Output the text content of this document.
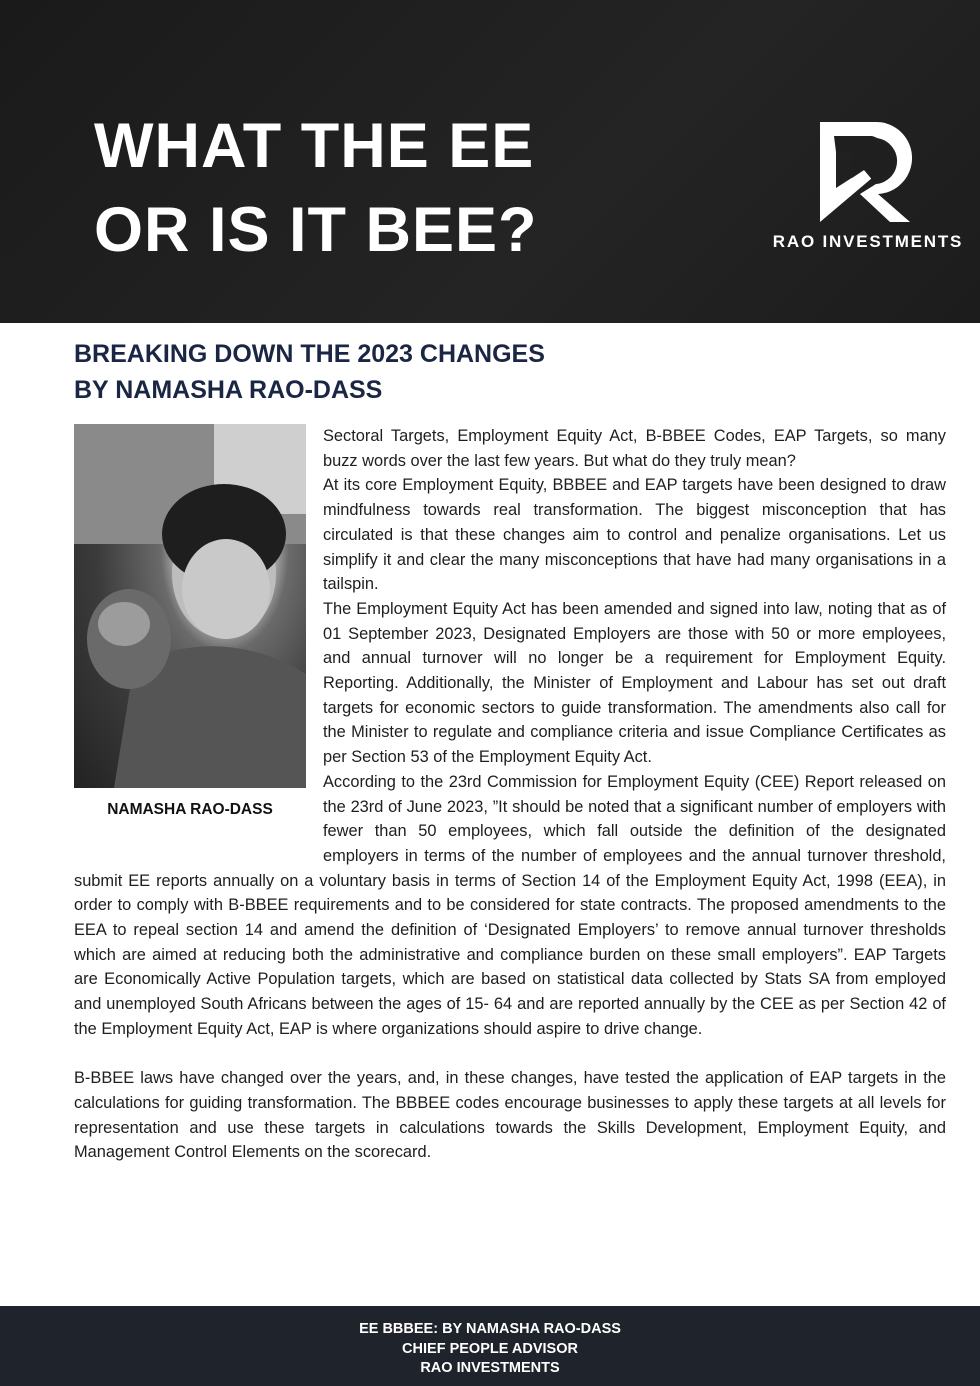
WHAT THE EE
OR IS IT BEE?	RAO INVESTMENTS
BREAKING DOWN THE 2023 CHANGES
BY NAMASHA RAO-DASS
NAMASHA RAO-DASS

Sectoral Targets, Employment Equity Act, B-BBEE Codes, EAP Targets, so many buzz words over the last few years. But what do they truly mean?

At its core Employment Equity, BBBEE and EAP targets have been designed to draw mindfulness towards real transformation. The biggest misconception that has circulated is that these changes aim to control and penalize organisations. Let us simplify it and clear the many misconceptions that have had many organisations in a tailspin.

The Employment Equity Act has been amended and signed into law, noting that as of 01 September 2023, Designated Employers are those with 50 or more employees, and annual turnover will no longer be a requirement for Employment Equity. Reporting. Additionally, the Minister of Employment and Labour has set out draft targets for economic sectors to guide transformation. The amendments also call for the Minister to regulate and compliance criteria and issue Compliance Certificates as per Section 53 of the Employment Equity Act.

According to the 23rd Commission for Employment Equity (CEE) Report released on the 23rd of June 2023, ”It should be noted that a significant number of employers with fewer than 50 employees, which fall outside the definition of the designated employers in terms of the number of employees and the annual turnover threshold, submit EE reports annually on a voluntary basis in terms of Section 14 of the Employment Equity Act, 1998 (EEA), in order to comply with B-BBEE requirements and to be considered for state contracts. The proposed amendments to the EEA to repeal section 14 and amend the definition of ‘Designated Employers’ to remove annual turnover thresholds which are aimed at reducing both the administrative and compliance burden on these small employers”. EAP Targets are Economically Active Population targets, which are based on statistical data collected by Stats SA from employed and unemployed South Africans between the ages of 15- 64 and are reported annually by the CEE as per Section 42 of the Employment Equity Act, EAP is where organizations should aspire to drive change.

B-BBEE laws have changed over the years, and, in these changes, have tested the application of EAP targets in the calculations for guiding transformation. The BBBEE codes encourage businesses to apply these targets at all levels for representation and use these targets in calculations towards the Skills Development, Employment Equity, and Management Control Elements on the scorecard.

EE BBBEE: BY NAMASHA RAO-DASS
CHIEF PEOPLE ADVISOR
RAO INVESTMENTS
